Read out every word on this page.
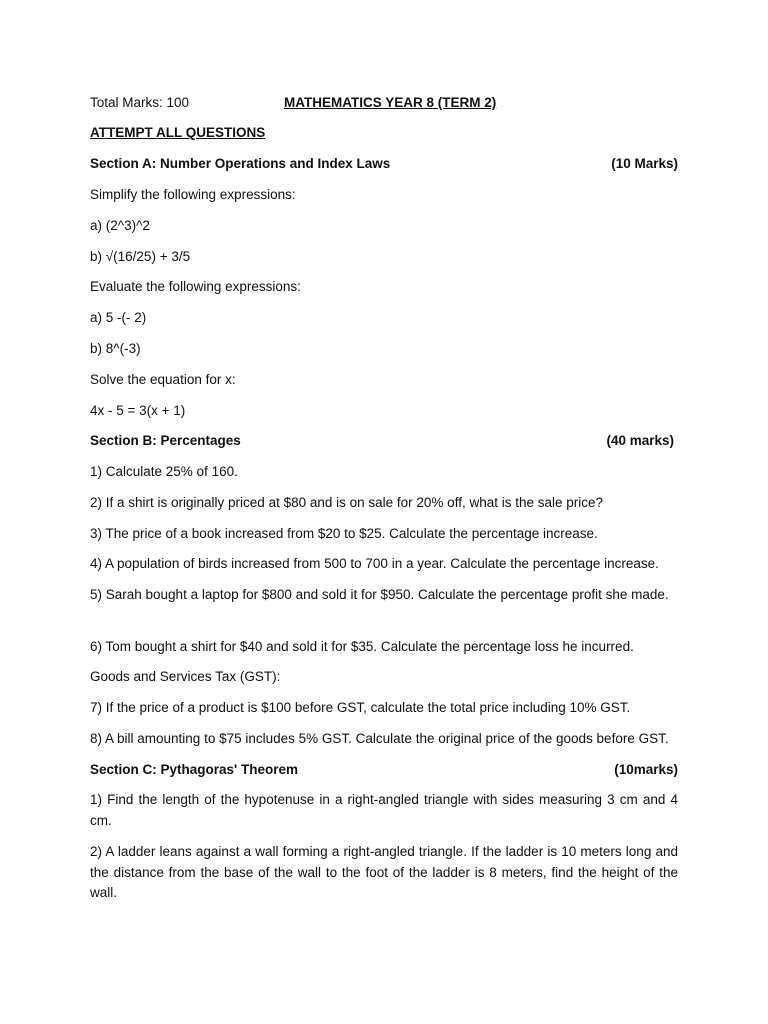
Total Marks: 100	MATHEMATICS YEAR 8 (TERM 2)
ATTEMPT ALL QUESTIONS
Section A: Number Operations and Index Laws	(10 Marks)
Simplify the following expressions:
a) (2^3)^2
b) √(16/25) + 3/5
Evaluate the following expressions:
a) 5 -(- 2)
b) 8^(-3)
Solve the equation for x:
4x - 5 = 3(x + 1)
Section B: Percentages	(40 marks)
1) Calculate 25% of 160.
2) If a shirt is originally priced at $80 and is on sale for 20% off, what is the sale price?
3) The price of a book increased from $20 to $25. Calculate the percentage increase.
4) A population of birds increased from 500 to 700 in a year. Calculate the percentage increase.
5) Sarah bought a laptop for $800 and sold it for $950. Calculate the percentage profit she made.
6) Tom bought a shirt for $40 and sold it for $35. Calculate the percentage loss he incurred.
Goods and Services Tax (GST):
7) If the price of a product is $100 before GST, calculate the total price including 10% GST.
8) A bill amounting to $75 includes 5% GST. Calculate the original price of the goods before GST.
Section C: Pythagoras' Theorem	(10marks)
1) Find the length of the hypotenuse in a right-angled triangle with sides measuring 3 cm and 4 cm.
2) A ladder leans against a wall forming a right-angled triangle. If the ladder is 10 meters long and the distance from the base of the wall to the foot of the ladder is 8 meters, find the height of the wall.
